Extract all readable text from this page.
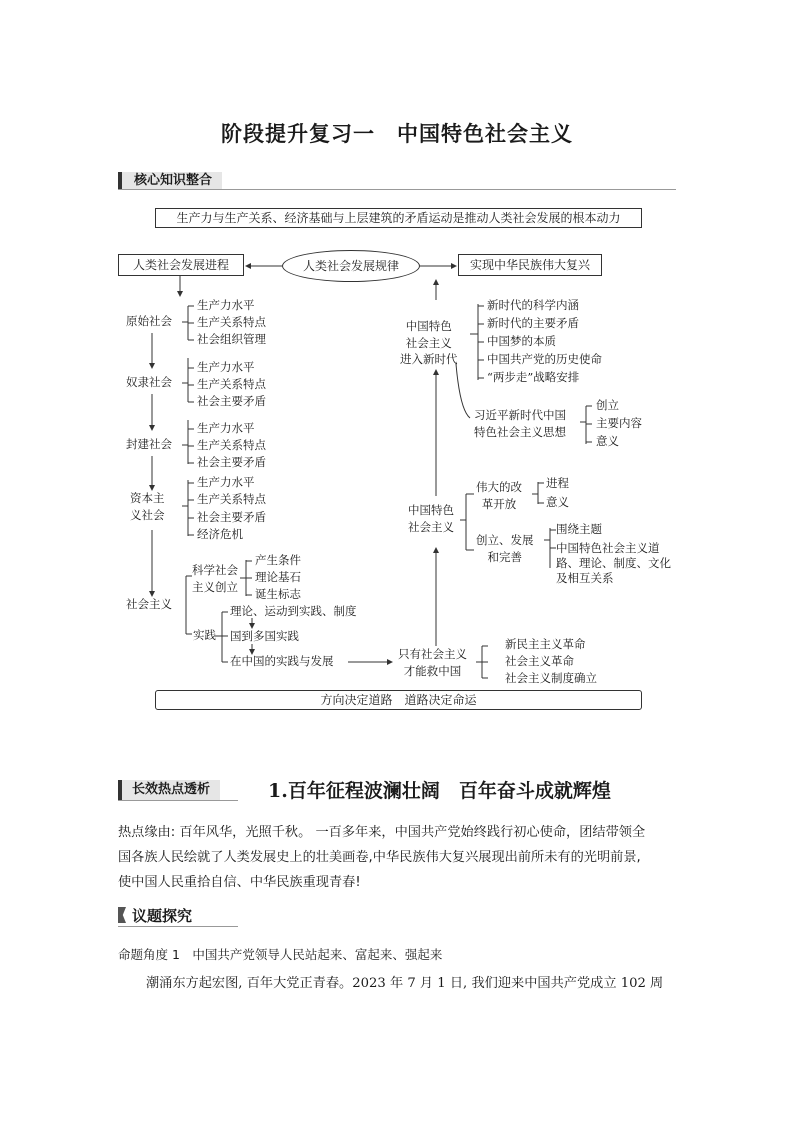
阶段提升复习一　中国特色社会主义
核心知识整合
生产力与生产关系、经济基础与上层建筑的矛盾运动是推动人类社会发展的根本动力
人类社会发展进程	人类社会发展规律	实现中华民族伟大复兴
原始社会
生产力水平
生产关系特点
社会组织管理
奴隶社会
生产力水平
生产关系特点
社会主要矛盾
封建社会
生产力水平
生产关系特点
社会主要矛盾
资本主
义社会
生产力水平
生产关系特点
社会主要矛盾
经济危机
社会主义
科学社会
主义创立
产生条件
理论基石
诞生标志
实践
理论、运动到实践、制度
国到多国实践
在中国的实践与发展
中国特色
社会主义
进入新时代
新时代的科学内涵
新时代的主要矛盾
中国梦的本质
中国共产党的历史使命
“两步走”战略安排
习近平新时代中国
特色社会主义思想
创立
主要内容
意义
中国特色
社会主义
伟大的改
革开放
进程
意义
创立、发展
和完善
围绕主题
中国特色社会主义道
路、理论、制度、文化
及相互关系
只有社会主义
才能救中国
新民主主义革命
社会主义革命
社会主义制度确立
方向决定道路　道路决定命运
长效热点透析	1.百年征程波澜壮阔　百年奋斗成就辉煌
热点缘由: 百年风华，光照千秋。 一百多年来，中国共产党始终践行初心使命，团结带领全
国各族人民绘就了人类发展史上的壮美画卷,中华民族伟大复兴展现出前所未有的光明前景,
使中国人民重拾自信、中华民族重现青春!
议题探究
命题角度 1　中国共产党领导人民站起来、富起来、强起来
潮涌东方起宏图, 百年大党正青春。2023 年 7 月 1 日, 我们迎来中国共产党成立 102 周
